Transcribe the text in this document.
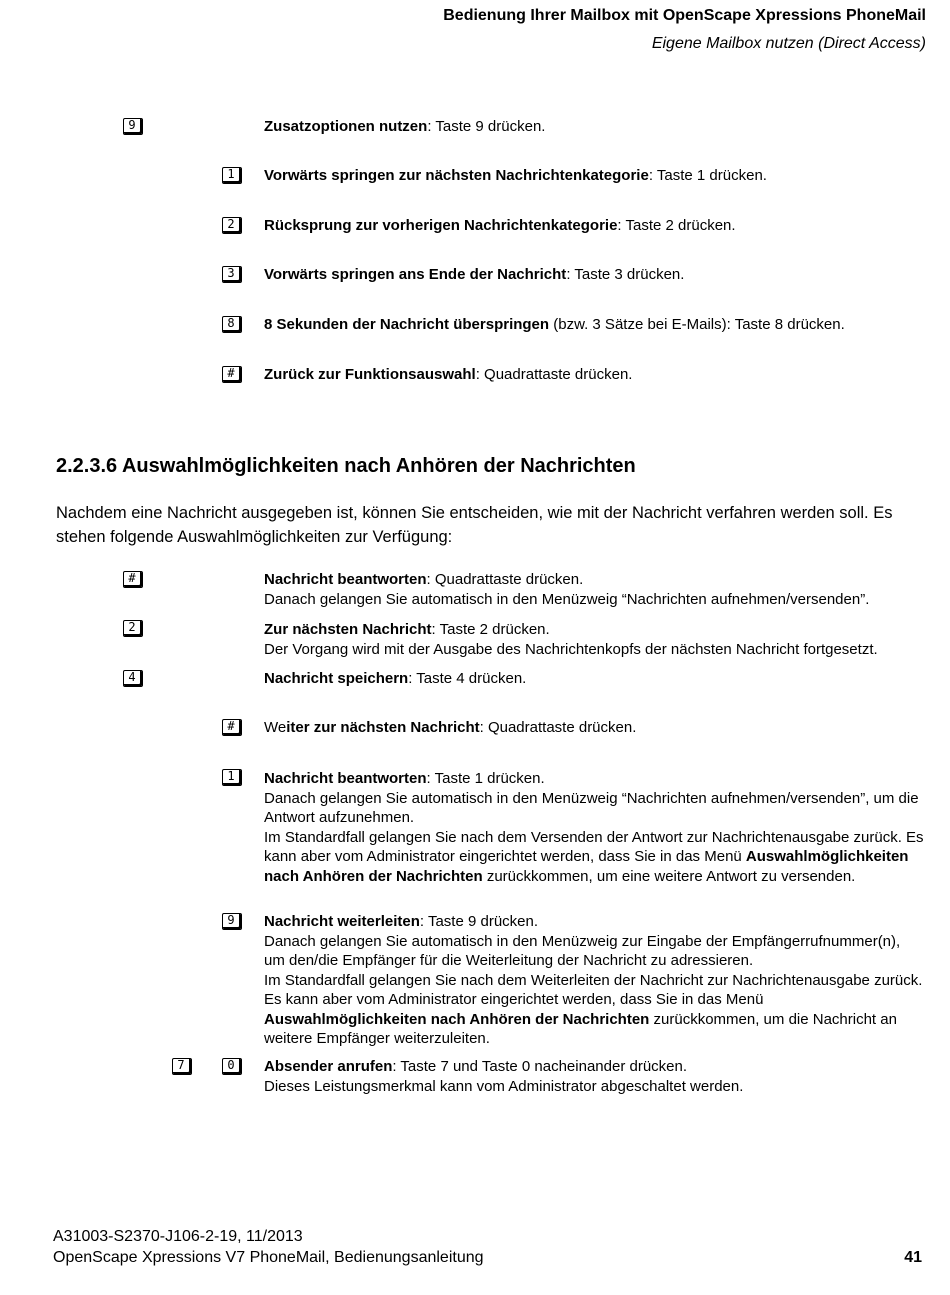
Bedienung Ihrer Mailbox mit OpenScape Xpressions PhoneMail
Eigene Mailbox nutzen (Direct Access)
9	Zusatzoptionen nutzen: Taste 9 drücken.
1	Vorwärts springen zur nächsten Nachrichtenkategorie: Taste 1 drücken.
2	Rücksprung zur vorherigen Nachrichtenkategorie: Taste 2 drücken.
3	Vorwärts springen ans Ende der Nachricht: Taste 3 drücken.
8	8 Sekunden der Nachricht überspringen (bzw. 3 Sätze bei E-Mails): Taste 8 drücken.
#	Zurück zur Funktionsauswahl: Quadrattaste drücken.
2.2.3.6 Auswahlmöglichkeiten nach Anhören der Nachrichten
Nachdem eine Nachricht ausgegeben ist, können Sie entscheiden, wie mit der Nachricht verfahren werden soll. Es stehen folgende Auswahlmöglichkeiten zur Verfügung:
#	Nachricht beantworten: Quadrattaste drücken.
Danach gelangen Sie automatisch in den Menüzweig “Nachrichten aufnehmen/versenden”.
2	Zur nächsten Nachricht: Taste 2 drücken.
Der Vorgang wird mit der Ausgabe des Nachrichtenkopfs der nächsten Nachricht fortgesetzt.
4	Nachricht speichern: Taste 4 drücken.
#	Weiter zur nächsten Nachricht: Quadrattaste drücken.
1	Nachricht beantworten: Taste 1 drücken.
Danach gelangen Sie automatisch in den Menüzweig “Nachrichten aufnehmen/versenden”, um die Antwort aufzunehmen.
Im Standardfall gelangen Sie nach dem Versenden der Antwort zur Nachrichtenausgabe zurück. Es kann aber vom Administrator eingerichtet werden, dass Sie in das Menü Auswahlmöglichkeiten nach Anhören der Nachrichten zurückkommen, um eine weitere Antwort zu versenden.
9	Nachricht weiterleiten: Taste 9 drücken.
Danach gelangen Sie automatisch in den Menüzweig zur Eingabe der Empfängerrufnummer(n), um den/die Empfänger für die Weiterleitung der Nachricht zu adressieren.
Im Standardfall gelangen Sie nach dem Weiterleiten der Nachricht zur Nachrichtenausgabe zurück. Es kann aber vom Administrator eingerichtet werden, dass Sie in das Menü Auswahlmöglichkeiten nach Anhören der Nachrichten zurückkommen, um die Nachricht an weitere Empfänger weiterzuleiten.
7	0	Absender anrufen: Taste 7 und Taste 0 nacheinander drücken.
Dieses Leistungsmerkmal kann vom Administrator abgeschaltet werden.
A31003-S2370-J106-2-19, 11/2013
OpenScape Xpressions V7 PhoneMail, Bedienungsanleitung	41
